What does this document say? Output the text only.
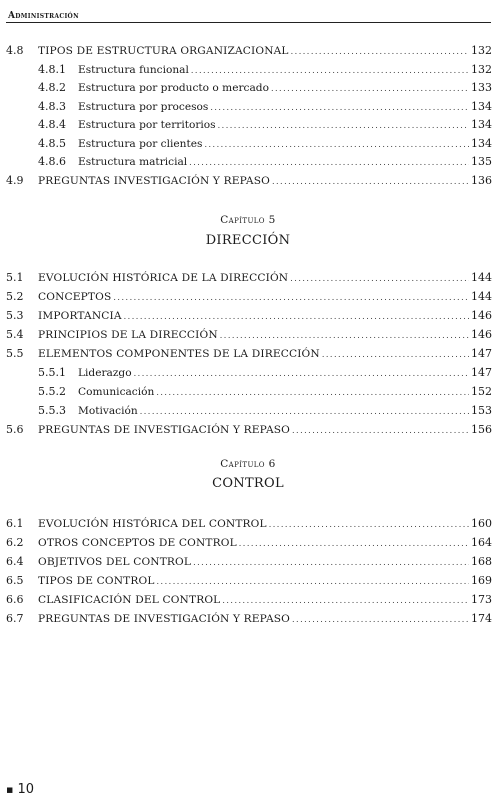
Administración
4.8 TIPOS DE ESTRUCTURA ORGANIZACIONAL .....	132
4.8.1 Estructura funcional .....	132
4.8.2 Estructura por producto o mercado .....	133
4.8.3 Estructura por procesos .....	134
4.8.4 Estructura por territorios .....	134
4.8.5 Estructura por clientes .....	134
4.8.6 Estructura matricial .....	135
4.9 PREGUNTAS INVESTIGACIÓN Y REPASO .....	136
Capítulo 5
DIRECCIÓN
5.1 EVOLUCIÓN HISTÓRICA DE LA DIRECCIÓN .....	144
5.2 CONCEPTOS .....	144
5.3 IMPORTANCIA .....	146
5.4 PRINCIPIOS DE LA DIRECCIÓN .....	146
5.5 ELEMENTOS COMPONENTES DE LA DIRECCIÓN .....	147
5.5.1 Liderazgo .....	147
5.5.2 Comunicación .....	152
5.5.3 Motivación .....	153
5.6 PREGUNTAS DE INVESTIGACIÓN Y REPASO .....	156
Capítulo 6
CONTROL
6.1 EVOLUCIÓN HISTÓRICA DEL CONTROL .....	160
6.2 OTROS CONCEPTOS DE CONTROL .....	164
6.4 OBJETIVOS DEL CONTROL .....	168
6.5 TIPOS DE CONTROL .....	169
6.6 CLASIFICACIÓN DEL CONTROL .....	173
6.7 PREGUNTAS DE INVESTIGACIÓN Y REPASO .....	174
▪ 10
